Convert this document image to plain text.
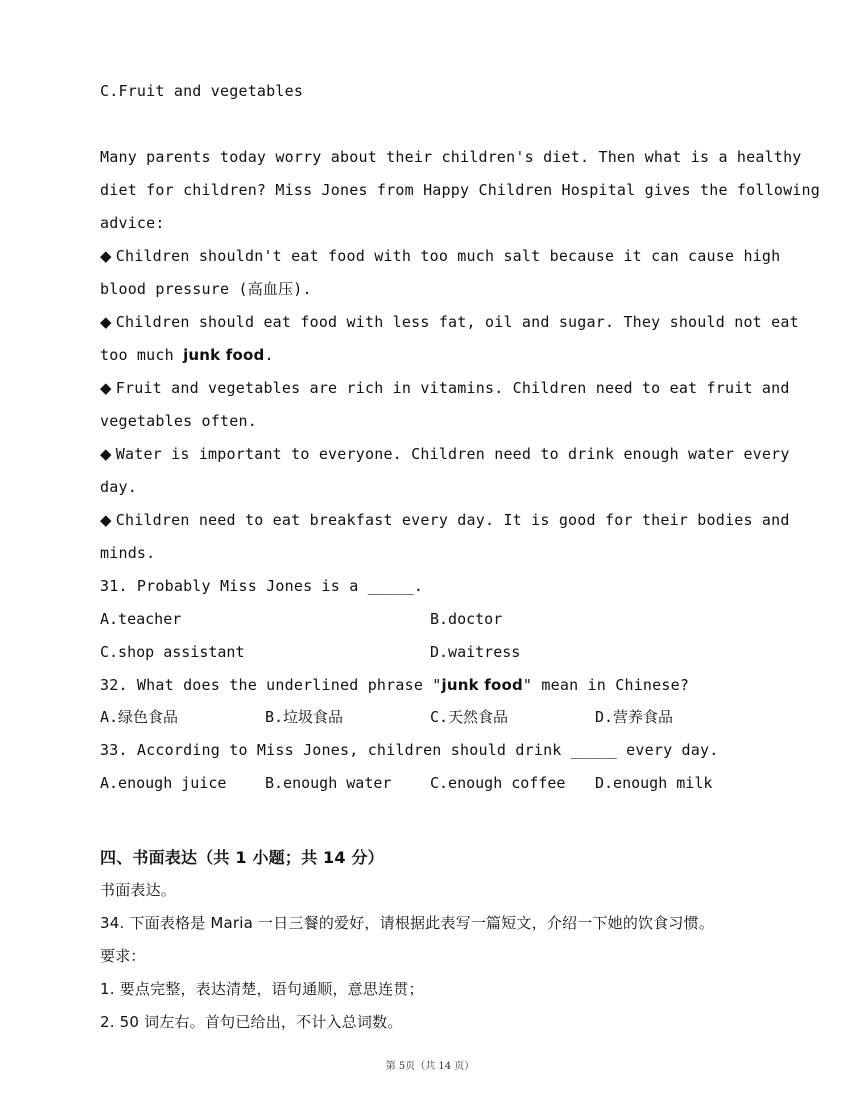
C.Fruit and vegetables
Many parents today worry about their children's diet. Then what is a healthy
diet for children? Miss Jones from Happy Children Hospital gives the following
advice:
◆ Children shouldn't eat food with too much salt because it can cause high
blood pressure (高血压).
◆ Children should eat food with less fat, oil and sugar. They should not eat
too much junk food.
◆ Fruit and vegetables are rich in vitamins. Children need to eat fruit and
vegetables often.
◆ Water is important to everyone. Children need to drink enough water every
day.
◆ Children need to eat breakfast every day. It is good for their bodies and
minds.
31. Probably Miss Jones is a _____.

A.teacher

	B.doctor

C.shop assistant

	D.waitress

32. What does the underlined phrase "junk food" mean in Chinese?

A.绿色食品

	B.垃圾食品

	C.天然食品

	D.营养食品

33. According to Miss Jones, children should drink _____ every day.

A.enough juice

	B.enough water

	C.enough coffee

D.enough milk

四、书面表达（共 1 小题；共 14 分）
书面表达。
34. 下面表格是 Maria 一日三餐的爱好，请根据此表写一篇短文，介绍一下她的饮食习惯。
要求：
1. 要点完整，表达清楚，语句通顺，意思连贯；
2. 50 词左右。首句已给出，不计入总词数。
第 5页（共 14 页）
